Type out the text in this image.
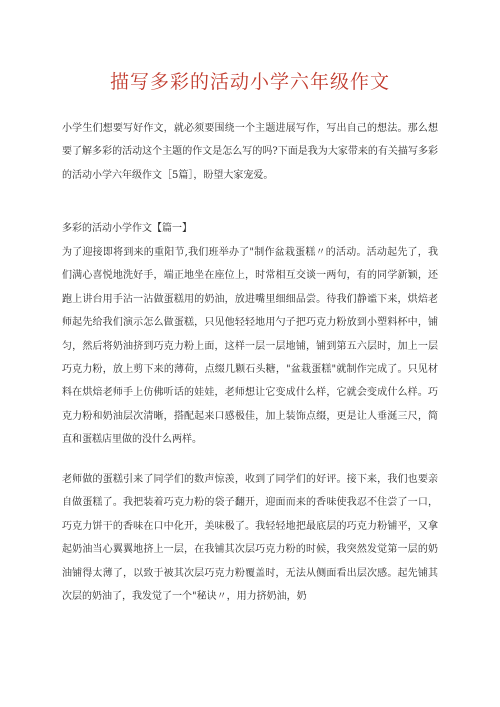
描写多彩的活动小学六年级作文

小学生们想要写好作文，就必须要围绕一个主题进展写作，写出自己的想法。那么想要了解多彩的活动这个主题的作文是怎么写的吗?下面是我为大家带来的有关描写多彩的活动小学六年级作文［5篇］，盼望大家宠爱。

多彩的活动小学作文【篇一】

为了迎接即将到来的重阳节,我们班举办了"制作盆栽蛋糕〃的活动。活动起先了，我们满心喜悦地洗好手，端正地坐在座位上，时常相互交谈一两句，有的同学新颖，还跑上讲台用手沾一沾做蛋糕用的奶油，放进嘴里细细品尝。待我们静谧下来，烘焙老师起先给我们演示怎么做蛋糕，只见他轻轻地用勺子把巧克力粉放到小塑料杯中，铺匀，然后将奶油挤到巧克力粉上面，这样一层一层地铺，铺到第五六层时，加上一层巧克力粉，放上剪下来的薄荷，点缀几颗石头糖，"盆栽蛋糕"就制作完成了。只见材料在烘焙老师手上仿佛听话的娃娃，老师想让它变成什么样，它就会变成什么样。巧克力粉和奶油层次清晰，搭配起来口感极佳，加上装饰点缀，更是让人垂涎三尺，简直和蛋糕店里做的没什么两样。

老师做的蛋糕引来了同学们的数声惊羡，收到了同学们的好评。接下来，我们也要亲自做蛋糕了。我把装着巧克力粉的袋子翻开，迎面而来的香味使我忍不住尝了一口，巧克力饼干的香味在口中化开，美味极了。我轻轻地把最底层的巧克力粉铺平，又拿起奶油当心翼翼地挤上一层，在我铺其次层巧克力粉的时候，我突然发觉第一层的奶油铺得太薄了，以致于被其次层巧克力粉覆盖时，无法从侧面看出层次感。起先铺其次层的奶油了，我发觉了一个"秘诀〃，用力挤奶油，奶
